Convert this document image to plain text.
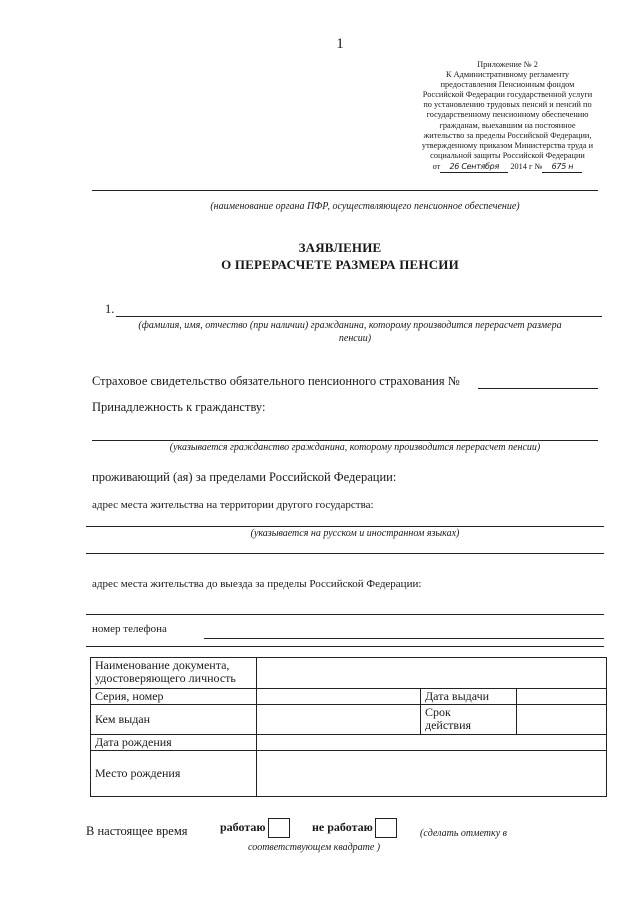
1
Приложение № 2
К Административному регламенту
предоставления Пенсионным фондом
Российской Федерации государственной услуги
по установлению трудовых пенсий и пенсий по
государственному пенсионному обеспечению
гражданам, выехавшим на постоянное
жительство за пределы Российской Федерации,
утвержденному приказом Министерства труда и
социальной защиты Российской Федерации
от 26 Сентября 2014 г № 675 н
(наименование органа ПФР, осуществляющего пенсионное обеспечение)
ЗАЯВЛЕНИЕ
О ПЕРЕРАСЧЕТЕ РАЗМЕРА ПЕНСИИ
1.
(фамилия, имя, отчество (при наличии) гражданина, которому производится перерасчет размера
пенсии)
Страховое свидетельство обязательного пенсионного страхования №
Принадлежность к гражданству:
(указывается гражданство гражданина, которому производится перерасчет пенсии)
проживающий (ая) за пределами Российской Федерации:
адрес места жительства на территории другого государства:
(указывается на русском и иностранном языках)
адрес места жительства до выезда за пределы Российской Федерации:
номер телефона
Наименование документа,
удостоверяющего личность			

Серия, номер		Дата выдачи	
Кем выдан		Срок
действия	

Дата рождения			
Место рождения			
В настоящее время	работаю	не работаю	(сделать отметку в
соответствующем квадрате )
